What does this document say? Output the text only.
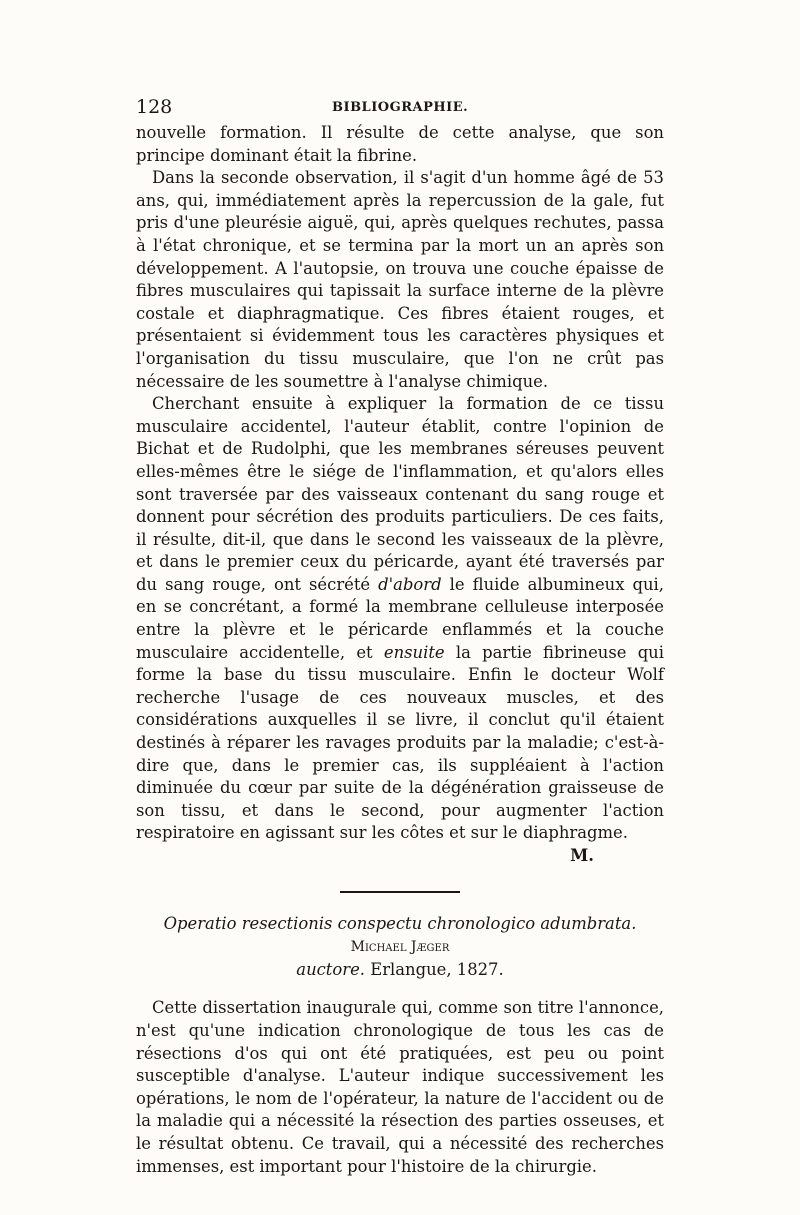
128	BIBLIOGRAPHIE.

nouvelle formation. Il résulte de cette analyse, que son principe dominant était la fibrine.

Dans la seconde observation, il s'agit d'un homme âgé de 53 ans, qui, immédiatement après la repercussion de la gale, fut pris d'une pleurésie aiguë, qui, après quelques rechutes, passa à l'état chronique, et se termina par la mort un an après son développement. A l'autopsie, on trouva une couche épaisse de fibres musculaires qui tapissait la surface interne de la plèvre costale et diaphragmatique. Ces fibres étaient rouges, et présentaient si évidemment tous les caractères physiques et l'organisation du tissu musculaire, que l'on ne crût pas nécessaire de les soumettre à l'analyse chimique.

Cherchant ensuite à expliquer la formation de ce tissu musculaire accidentel, l'auteur établit, contre l'opinion de Bichat et de Rudolphi, que les membranes séreuses peuvent elles-mêmes être le siége de l'inflammation, et qu'alors elles sont traversée par des vaisseaux contenant du sang rouge et donnent pour sécrétion des produits particuliers. De ces faits, il résulte, dit-il, que dans le second les vaisseaux de la plèvre, et dans le premier ceux du péricarde, ayant été traversés par du sang rouge, ont sécrété d'abord le fluide albumineux qui, en se concrétant, a formé la membrane celluleuse interposée entre la plèvre et le péricarde enflammés et la couche musculaire accidentelle, et ensuite la partie fibrineuse qui forme la base du tissu musculaire. Enfin le docteur Wolf recherche l'usage de ces nouveaux muscles, et des considérations auxquelles il se livre, il conclut qu'il étaient destinés à réparer les ravages produits par la maladie; c'est-à-dire que, dans le premier cas, ils suppléaient à l'action diminuée du cœur par suite de la dégénération graisseuse de son tissu, et dans le second, pour augmenter l'action respiratoire en agissant sur les côtes et sur le diaphragme.
M.

Operatio resectionis conspectu chronologico adumbrata. Michael Jæger
auctore. Erlangue, 1827.

Cette dissertation inaugurale qui, comme son titre l'annonce, n'est qu'une indication chronologique de tous les cas de résections d'os qui ont été pratiquées, est peu ou point susceptible d'analyse. L'auteur indique successivement les opérations, le nom de l'opérateur, la nature de l'accident ou de la maladie qui a nécessité la résection des parties osseuses, et le résultat obtenu. Ce travail, qui a nécessité des recherches immenses, est important pour l'histoire de la chirurgie.
